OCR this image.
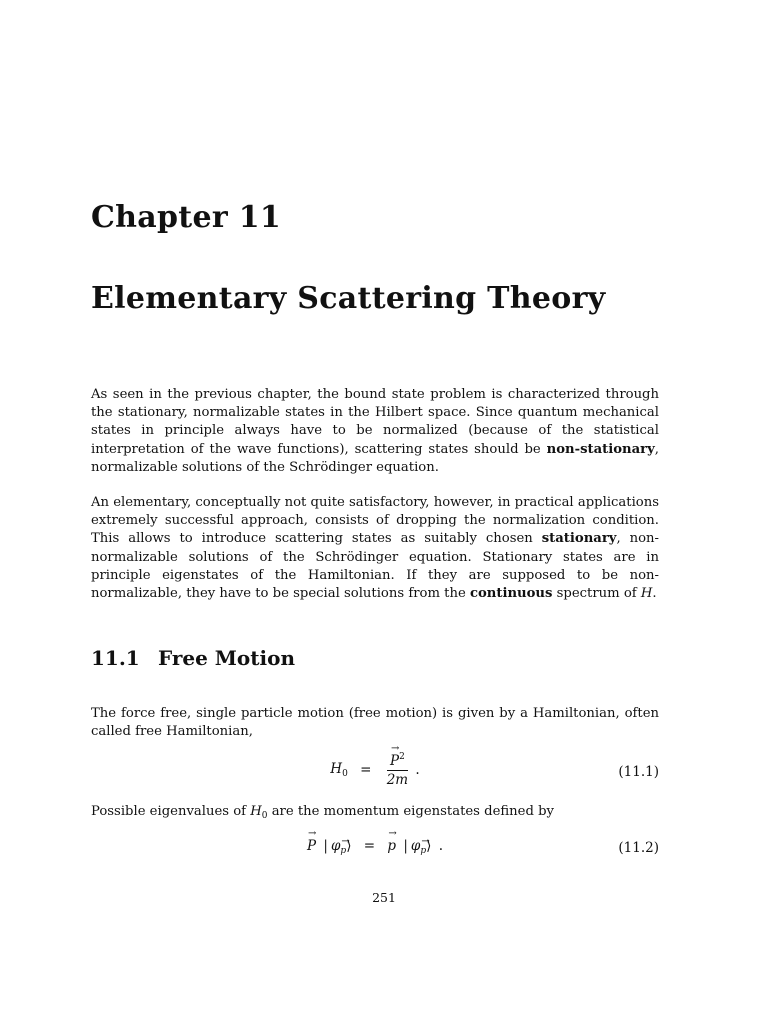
Chapter 11
Elementary Scattering Theory

As seen in the previous chapter, the bound state problem is characterized through the stationary, normalizable states in the Hilbert space. Since quantum mechanical states in principle always have to be normalized (because of the statistical interpretation of the wave functions), scattering states should be non-stationary, normalizable solutions of the Schrödinger equation.

An elementary, conceptually not quite satisfactory, however, in practical applications extremely successful approach, consists of dropping the normalization condition. This allows to introduce scattering states as suitably chosen stationary, non-normalizable solutions of the Schrödinger equation. Stationary states are in principle eigenstates of the Hamiltonian. If they are supposed to be non-normalizable, they have to be special solutions from the continuous spectrum of H.

11.1 Free Motion

The force free, single particle motion (free motion) is given by a Hamiltonian, often called free Hamiltonian,

$H_0$ = → $\frac{P^2}{2m}$ .	(11.1)

Possible eigenvalues of $H_0$ are the momentum eigenstates defined by

→ P | φ→ $_p$⟩ = → p | φ→ $_p$⟩ .	(11.2)

251
